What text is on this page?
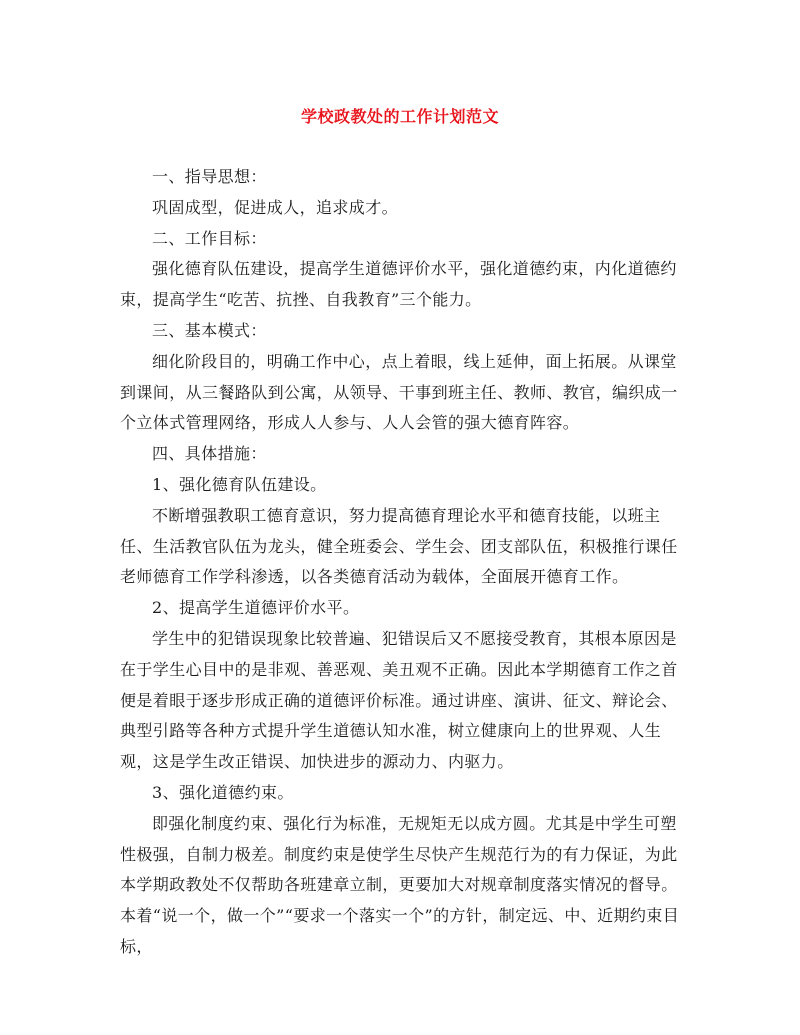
学校政教处的工作计划范文

一、指导思想：

巩固成型，促进成人，追求成才。

二、工作目标：

强化德育队伍建设，提高学生道德评价水平，强化道德约束，内化道德约束，提高学生“吃苦、抗挫、自我教育”三个能力。

三、基本模式：

细化阶段目的，明确工作中心，点上着眼，线上延伸，面上拓展。从课堂到课间，从三餐路队到公寓，从领导、干事到班主任、教师、教官，编织成一个立体式管理网络，形成人人参与、人人会管的强大德育阵容。

四、具体措施：

1、强化德育队伍建设。

不断增强教职工德育意识，努力提高德育理论水平和德育技能，以班主任、生活教官队伍为龙头，健全班委会、学生会、团支部队伍，积极推行课任老师德育工作学科渗透，以各类德育活动为载体，全面展开德育工作。

2、提高学生道德评价水平。

学生中的犯错误现象比较普遍、犯错误后又不愿接受教育，其根本原因是在于学生心目中的是非观、善恶观、美丑观不正确。因此本学期德育工作之首便是着眼于逐步形成正确的道德评价标准。通过讲座、演讲、征文、辩论会、典型引路等各种方式提升学生道德认知水准，树立健康向上的世界观、人生观，这是学生改正错误、加快进步的源动力、内驱力。

3、强化道德约束。

即强化制度约束、强化行为标准，无规矩无以成方圆。尤其是中学生可塑性极强，自制力极差。制度约束是使学生尽快产生规范行为的有力保证，为此本学期政教处不仅帮助各班建章立制，更要加大对规章制度落实情况的督导。本着“说一个，做一个”“要求一个落实一个”的方针，制定远、中、近期约束目标，
